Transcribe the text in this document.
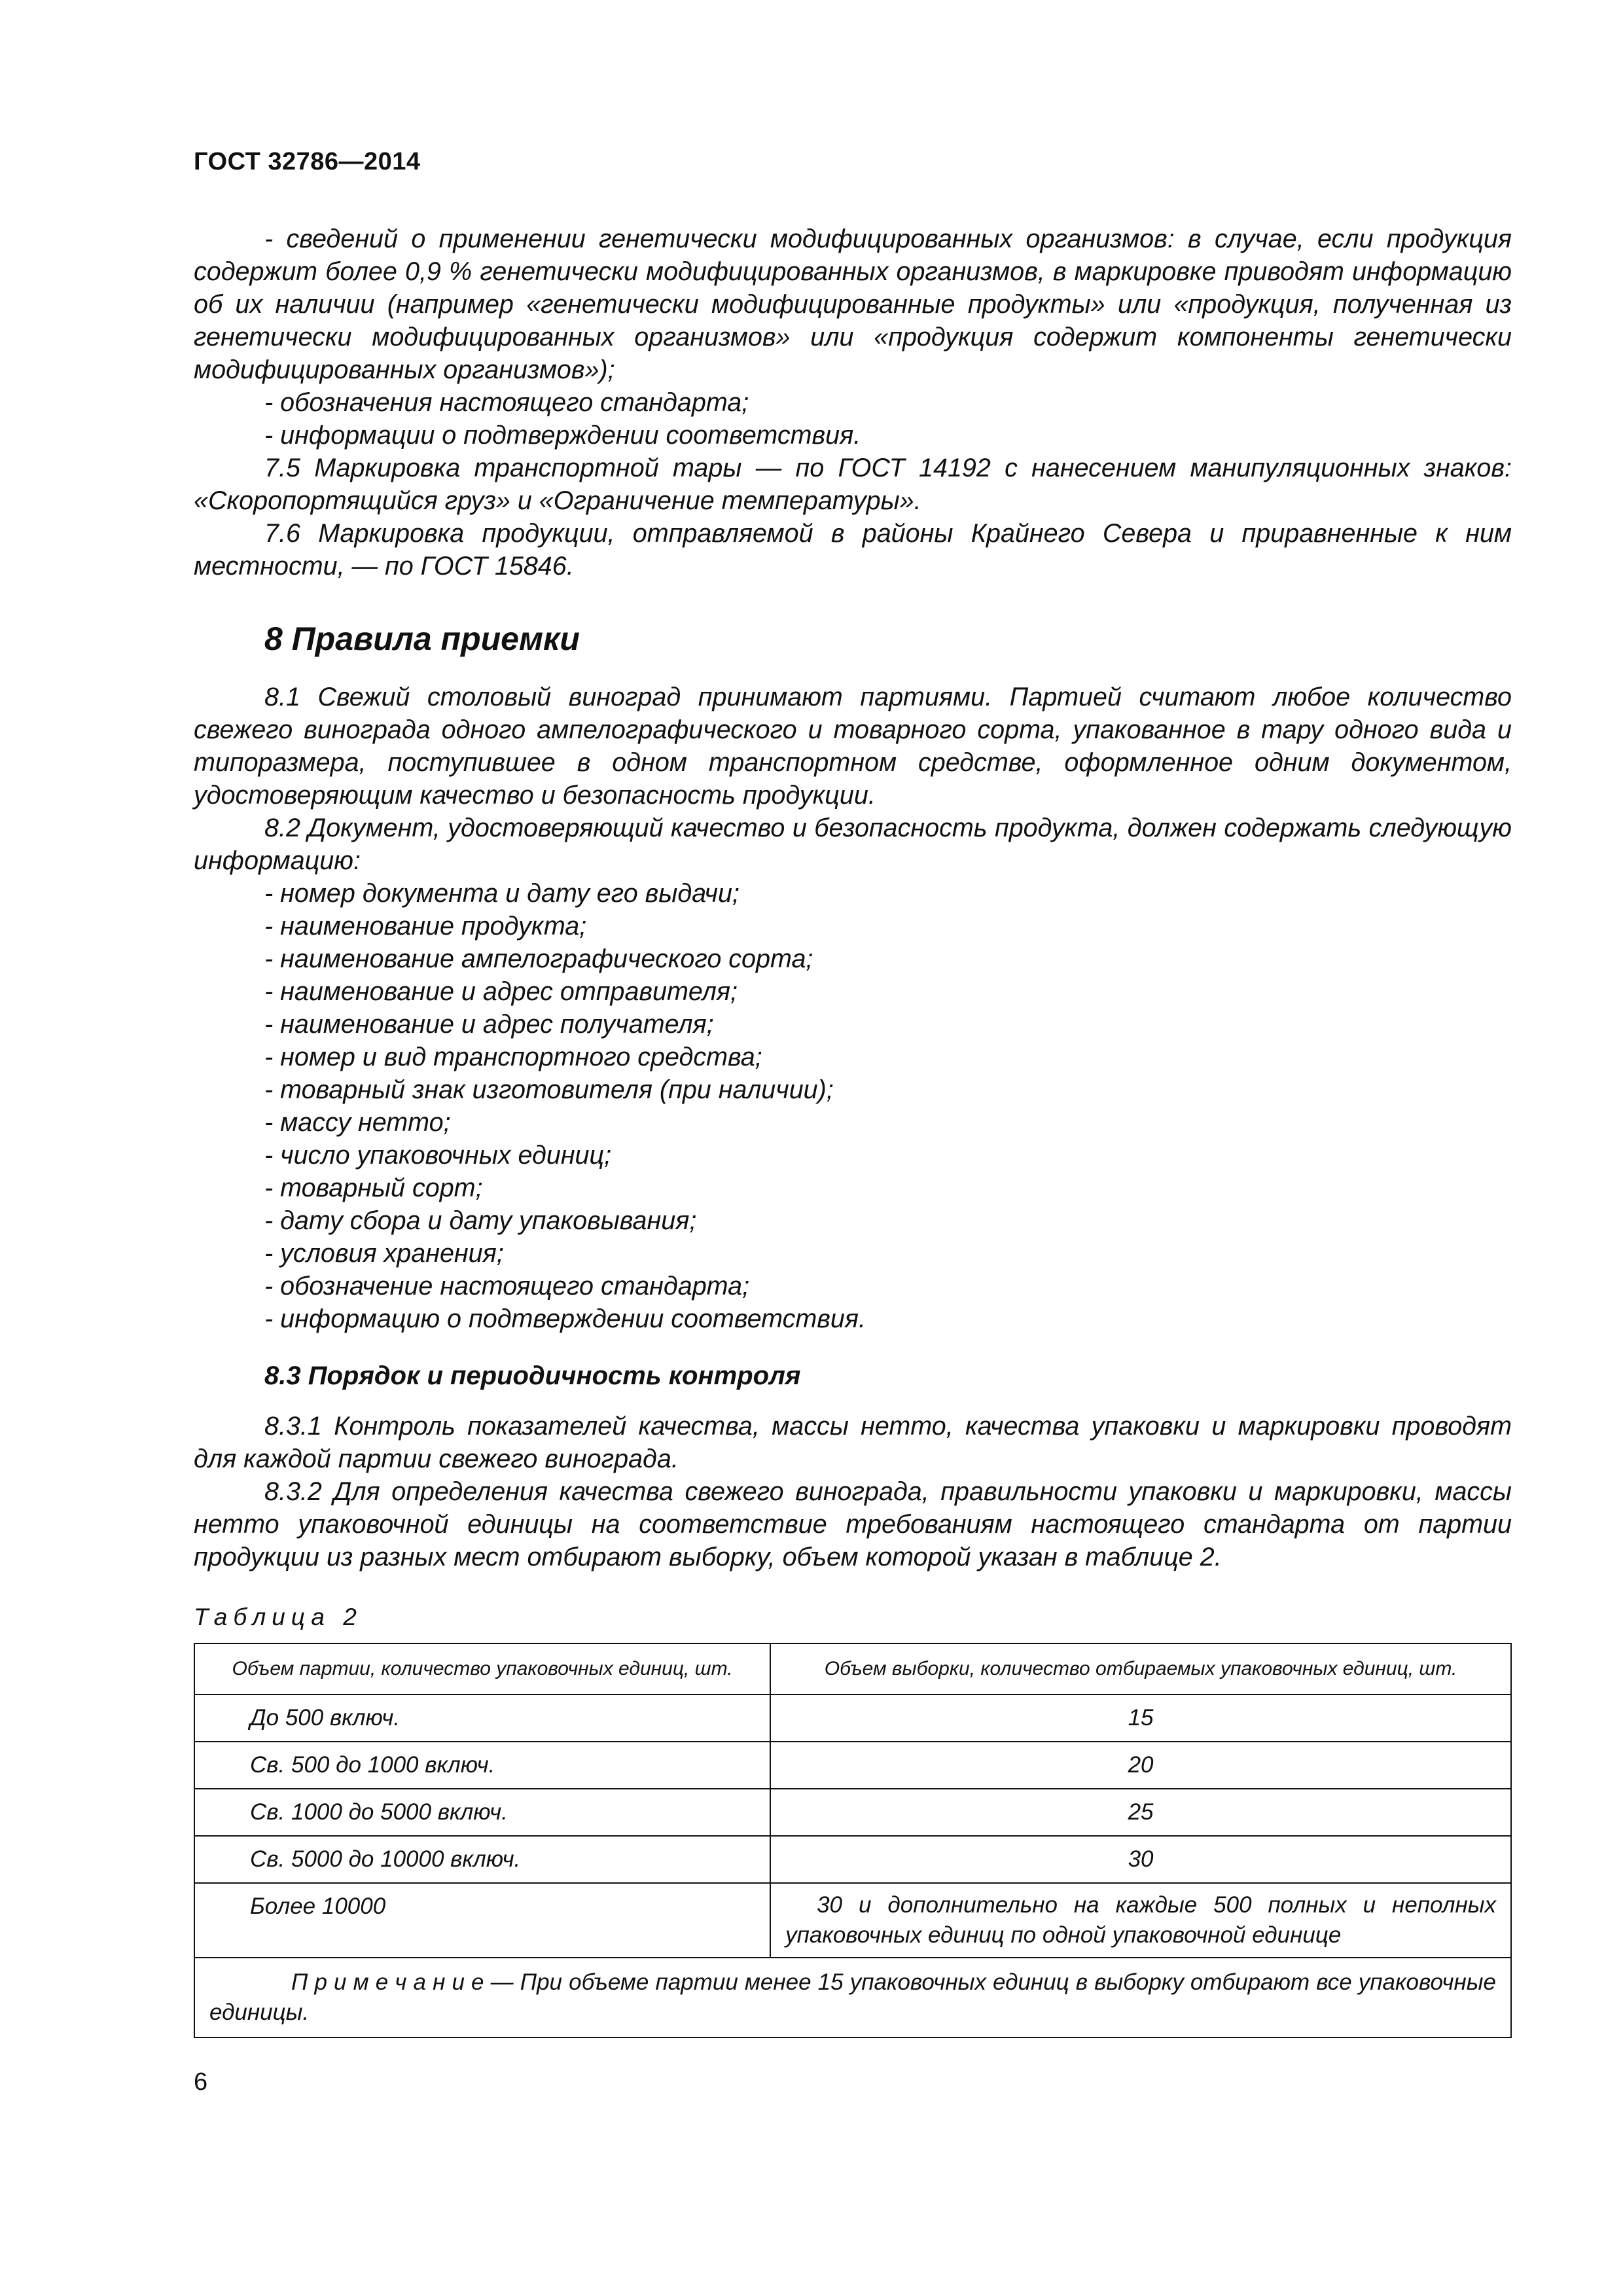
ГОСТ 32786—2014

- сведений о применении генетически модифицированных организмов: в случае, если продукция содержит более 0,9 % генетически модифицированных организмов, в маркировке приводят информацию об их наличии (например «генетически модифицированные продукты» или «продукция, полученная из генетически модифицированных организмов» или «продукция содержит компоненты генетически модифицированных организмов»);

- обозначения настоящего стандарта;

- информации о подтверждении соответствия.

7.5 Маркировка транспортной тары — по ГОСТ 14192 с нанесением манипуляционных знаков: «Скоропортящийся груз» и «Ограничение температуры».

7.6 Маркировка продукции, отправляемой в районы Крайнего Севера и приравненные к ним местности, — по ГОСТ 15846.

8 Правила приемки

8.1 Свежий столовый виноград принимают партиями. Партией считают любое количество свежего винограда одного ампелографического и товарного сорта, упакованное в тару одного вида и типоразмера, поступившее в одном транспортном средстве, оформленное одним документом, удостоверяющим качество и безопасность продукции.

8.2 Документ, удостоверяющий качество и безопасность продукта, должен содержать следующую информацию:

- номер документа и дату его выдачи;

- наименование продукта;

- наименование ампелографического сорта;

- наименование и адрес отправителя;

- наименование и адрес получателя;

- номер и вид транспортного средства;

- товарный знак изготовителя (при наличии);

- массу нетто;

- число упаковочных единиц;

- товарный сорт;

- дату сбора и дату упаковывания;

- условия хранения;

- обозначение настоящего стандарта;

- информацию о подтверждении соответствия.

8.3 Порядок и периодичность контроля

8.3.1 Контроль показателей качества, массы нетто, качества упаковки и маркировки проводят для каждой партии свежего винограда.

8.3.2 Для определения качества свежего винограда, правильности упаковки и маркировки, массы нетто упаковочной единицы на соответствие требованиям настоящего стандарта от партии продукции из разных мест отбирают выборку, объем которой указан в таблице 2.

Таблица 2
Объем партии, количество упаковочных единиц, шт.	Объем выборки, количество отбираемых упаковочных единиц, шт.
До 500 включ.	15
Св. 500 до 1000 включ.	20
Св. 1000 до 5000 включ.	25
Св. 5000 до 10000 включ.	30
Более 10000	30 и дополнительно на каждые 500 полных и неполных упаковочных единиц по одной упаковочной единице
П р и м е ч а н и е — При объеме партии менее 15 упаковочных единиц в выборку отбирают все упаковочные единицы.	
6
